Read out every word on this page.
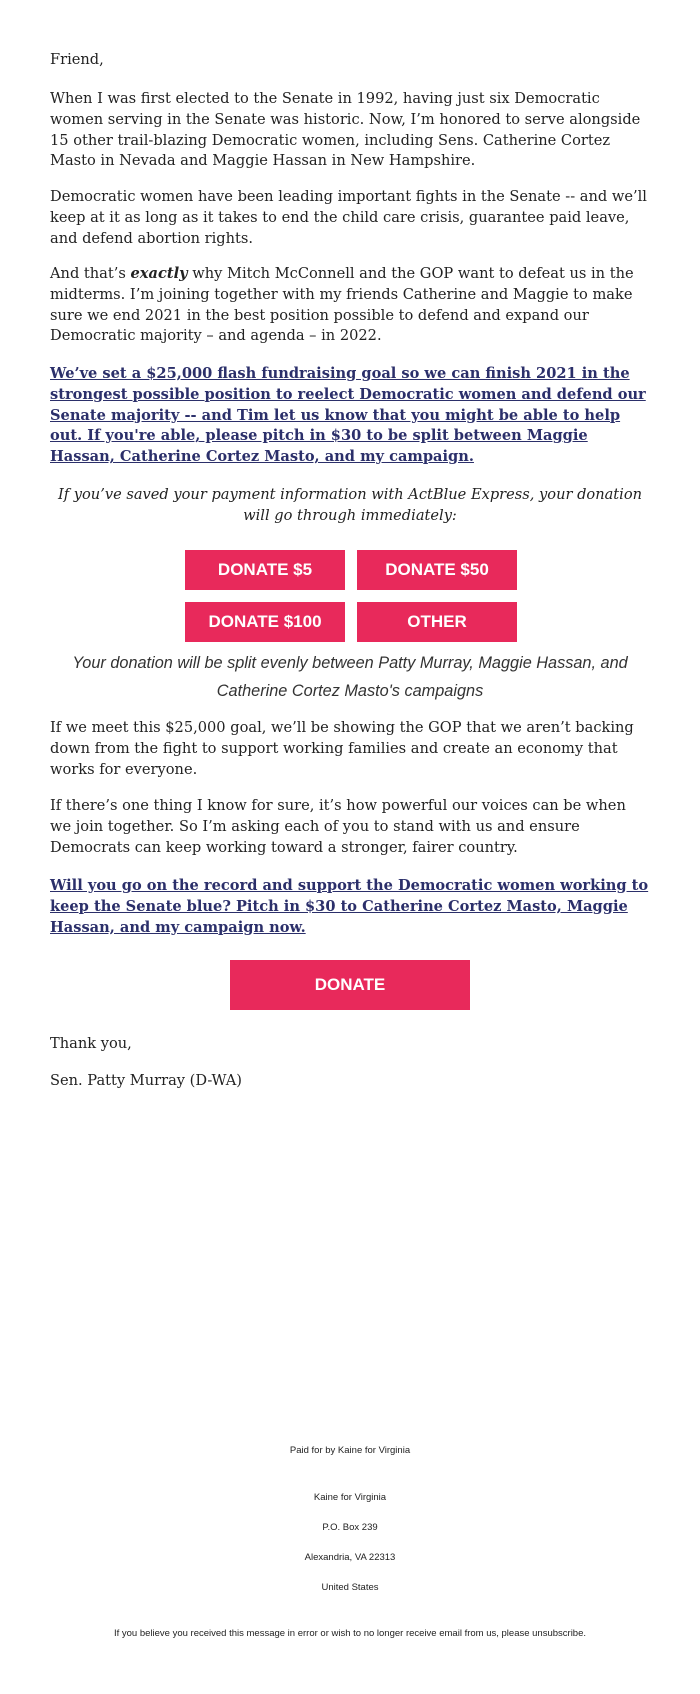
Friend,

When I was first elected to the Senate in 1992, having just six Democratic women serving in the Senate was historic. Now, I’m honored to serve alongside 15 other trail-blazing Democratic women, including Sens. Catherine Cortez Masto in Nevada and Maggie Hassan in New Hampshire.

Democratic women have been leading important fights in the Senate -- and we’ll keep at it as long as it takes to end the child care crisis, guarantee paid leave, and defend abortion rights.

And that’s exactly why Mitch McConnell and the GOP want to defeat us in the midterms. I’m joining together with my friends Catherine and Maggie to make sure we end 2021 in the best position possible to defend and expand our Democratic majority – and agenda – in 2022.

We’ve set a $25,000 flash fundraising goal so we can finish 2021 in the strongest possible position to reelect Democratic women and defend our Senate majority -- and Tim let us know that you might be able to help out. If you're able, please pitch in $30 to be split between Maggie Hassan, Catherine Cortez Masto, and my campaign.

If you’ve saved your payment information with ActBlue Express, your donation will go through immediately:

DONATE $5	DONATE $50
DONATE $100	OTHER

Your donation will be split evenly between Patty Murray, Maggie Hassan, and Catherine Cortez Masto's campaigns

If we meet this $25,000 goal, we’ll be showing the GOP that we aren’t backing down from the fight to support working families and create an economy that works for everyone.

If there’s one thing I know for sure, it’s how powerful our voices can be when we join together. So I’m asking each of you to stand with us and ensure Democrats can keep working toward a stronger, fairer country.

Will you go on the record and support the Democratic women working to keep the Senate blue? Pitch in $30 to Catherine Cortez Masto, Maggie Hassan, and my campaign now.

DONATE

Thank you,

Sen. Patty Murray (D-WA)

Paid for by Kaine for Virginia
Kaine for Virginia
P.O. Box 239
Alexandria, VA 22313
United States
If you believe you received this message in error or wish to no longer receive email from us, please unsubscribe.
